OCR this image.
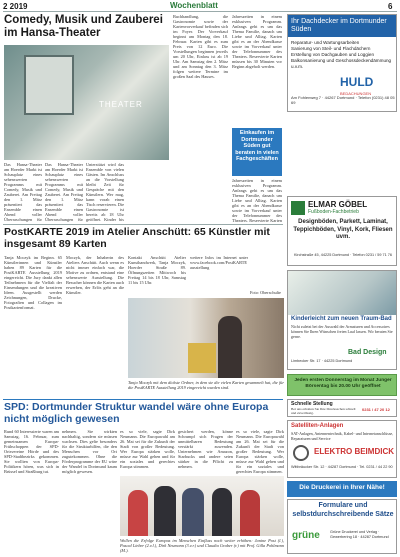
2 2019	Wochenblatt	6
Comedy, Musik und Zauberei im Hansa-Theater
THEATER
Das Hansa-Theater am Hoerder Markt ist Schauplatz eines sehenswerten Programms mit Comedy, Musik und Zauberei. Am Freitag den 1. März präsentiert das Ensemble einen Abend voller Überraschungen für
Das Hansa-Theater am Hoerder Markt ist Schauplatz eines sehenswerten Programms mit Comedy, Musik und Zauberei. Am Freitag den 1. März präsentiert das Ensemble einen Abend voller Überraschungen für
Unterstützt wird das Ensemble von vielen Gästen. Im Anschluss an die Vorstellung bleibt Zeit für Gespräche mit den Künstlern. Wer mag, kann vorab einen Tisch reservieren. Die Gastronomie ist bereits ab 18 Uhr geöffnet. Kinder bis
Buchhandlung, die Gastronomie sowie der Kartenvorverkauf befinden sich im Foyer. Der Vorverkauf beginnt am Montag den 18. Februar. Karten gibt es zum Preis von 12 Euro. Die Vorstellungen beginnen jeweils um 20 Uhr, Einlass ist ab 19 Uhr. Am Samstag den 2. März und am Sonntag den 3. März folgen weitere Termine im großen Saal des Hauses.
Jahreszeiten in einem exklusiven Programm. Anfangs geht es um das Thema Familie, danach um Liebe und Alltag. Karten gibt es an der Abendkasse sowie im Vorverkauf unter der Telefonnummer des Theaters. Reservierte Karten müssen bis 30 Minuten vor Beginn abgeholt werden.
Einkaufen im Dortmunder Süden gut beraten in vielen Fachgeschäften
Jahreszeiten in einem exklusiven Programm. Anfangs geht es um das Thema Familie, danach um Liebe und Alltag. Karten gibt es an der Abendkasse sowie im Vorverkauf unter der Telefonnummer des Theaters. Reservierte Karten
Ihr Dachdecker im Dortmunder Süden
Reparatur- und Wartungsarbeiten
Sanierung von Steil- und Flachdächern
Erstellung von Dachgauben und Loggien
Balkonsanierung und Geschossdeckendämmung u.v.m.
HULD
BEDACHUNGEN
Am Fohlenweg 7 · 44267 Dortmund · Telefon (0231) 48 05 69
PostKARTE 2019 im Atelier Anschütt: 65 Künstler mit insgesamt 89 Karten
Tanja Moczyk im Beginn. 65 Künstlerinnen und Künstler haben 89 Karten für die PostKARTE Ausstellung 2019 eingereicht. Die Jury dankt allen Teilnehmern für die Vielfalt der Einsendungen und die kreativen Ideen. Ausgestellt werden Zeichnungen, Drucke, Fotografien und Collagen im Postkartenformat.
Moczyk, der Inhaberin des Ateliers Anschütt. Auch wenn es nicht immer einfach war, die Motive zu ordnen, entstand eine sehenswerte Ausstellung. Die Besucher können die Karten auch erwerben, der Erlös geht an die Künstler.
Kontakt Anschütt Atelier Kunsthandwerk, Tanja Moczyk, Hoerder Straße 89. Öffnungszeiten Mittwoch bis Freitag 14 bis 18 Uhr, Samstag 11 bis 15 Uhr.
weitere Infos im Internet unter www.facebook.com/PostKARTEausstellung
Foto: Oberschulte
Tanja Moczyk mit dem dickste Ordner, in dem sie die vielen Karten gesammelt hat, die für die PostKARTE Ausstellung 2019 eingereicht wurden sind.
ELMAR GÖBEL
Fußboden-Fachbetrieb
Designböden, Parkett, Laminat, Teppichböden, Vinyl, Kork, Fliesen uvm.
Kirchstraße 45, 44225 Dortmund · Telefon 0231 / 59 71 76
Kinderleicht zum neuen Traum-Bad
Nicht zuletzt bei der Auswahl der Armaturen und Accessoires können Sie Ihren Wünschen freien Lauf lassen. Wir beraten Sie gerne.
Bad Design
Limbecker Str. 17 · 44225 Dortmund
Jeden ersten Donnerstag im Monat Junger Börsentag bis 20.00 Uhr geöffnet
SPD: Dortmunder Struktur wandel wäre ohne Europa nicht möglich gewesen
Rund 60 Interessierte waren am Samstag, 16. Februar, zum gemeinsamen Europa-Frühschoppen der SPD-Ortsvereine Hörde und des SPD-Stadtbezirks gekommen. Sie wollten von Europa-Politikern hören, was sich in Brüssel und Straßburg tut.
nehmen. Sie wirkten nachhaltig, sondern sie müssen wachsen. Dies gelte besonders für die Strukturhilfen, die den Menschen vor Ort zugutekommen. Ohne die Förderprogramme der EU wäre der Wandel in Dortmund kaum möglich gewesen.
es so viele, sagte Dirk Neumann. Die Europawahl am 26. Mai sei für die Zukunft der Stadt von großer Bedeutung. Wer Europa stärken wolle, müsse zur Wahl gehen und für ein soziales und gerechtes Europa stimmen.
gesichert werden, könne Schrumpf sich Fragen der unmittelbaren Bedeutung verstärkt zuwenden. Unternehmen wie Amazon, Starbucks und andere seien stärker in die Pflicht zu nehmen.
es so viele, sagte Dirk Neumann. Die Europawahl am 26. Mai sei für die Zukunft der Stadt von großer Bedeutung. Wer Europa stärken wolle, müsse zur Wahl gehen und für ein soziales und gerechtes Europa stimmen.
Wollen die Erfolge Europas im Menschen Einfluss noch weiter erhöhen: Janine Post (l.), Pascal Lieber (2.v.l.), Dirk Neumann (3.v.r.) und Claudia Graber (r.) mit Prof. Gilla Pohlmann (M.).
Schnelle Stellung
Bei uns erhalten Sie Ihre Drucksachen schnell und zuverlässig.
0231 / 47 20 12
Satelliten-Anlagen
SAT-Anlagen, Antennentechnik, Kabel- und Internetanschlüsse, Reparaturen und Service
ELEKTRO BEIMDICK
Wittbräucker Str. 12 · 44287 Dortmund · Tel. 0231 / 44 22 90
Die Druckerei in Ihrer Nähe!
Formulare und selbstdurchschreibende Sätze
grüne	Grüne Druckerei und Verlag · Gewerbering 18 · 44287 Dortmund
